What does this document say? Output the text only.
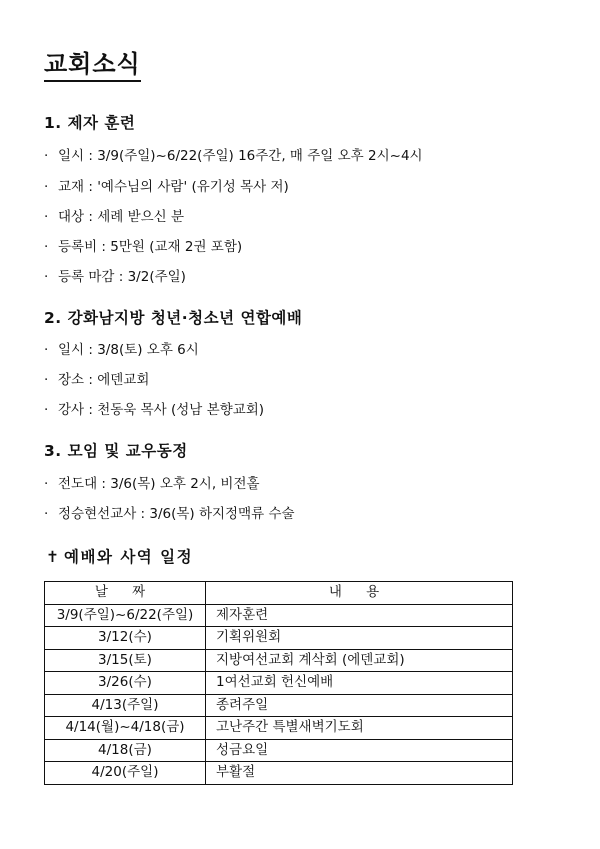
교회소식
1. 제자 훈련
· 일시 : 3/9(주일)~6/22(주일) 16주간, 매 주일 오후 2시~4시
· 교재 : '예수님의 사람' (유기성 목사 저)
· 대상 : 세례 받으신 분
· 등록비 : 5만원 (교재 2권 포함)
· 등록 마감 : 3/2(주일)
2. 강화남지방 청년·청소년 연합예배
· 일시 : 3/8(토) 오후 6시
· 장소 : 에덴교회
· 강사 : 천동욱 목사 (성남 본향교회)
3. 모임 및 교우동정
· 전도대 : 3/6(목) 오후 2시, 비전홀
· 정승현선교사 : 3/6(목) 하지정맥류 수술
✝ 예배와 사역 일정
날 짜	내 용
3/9(주일)~6/22(주일)	제자훈련
3/12(수)	기획위원회
3/15(토)	지방여선교회 계삭회 (에덴교회)
3/26(수)	1여선교회 헌신예배
4/13(주일)	종려주일
4/14(월)~4/18(금)	고난주간 특별새벽기도회
4/18(금)	성금요일
4/20(주일)	부활절
